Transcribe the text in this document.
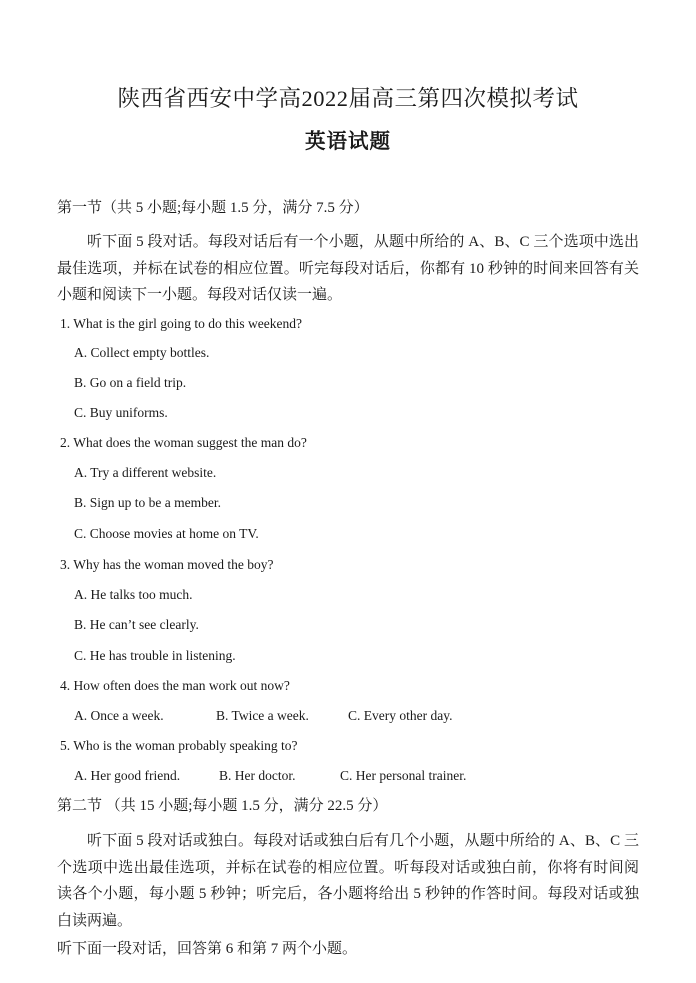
陕西省西安中学高2022届高三第四次模拟考试
英语试题
第一节（共 5 小题;每小题 1.5 分，满分 7.5 分）
听下面 5 段对话。每段对话后有一个小题，从题中所给的 A、B、C 三个选项中选出最佳选项，并标在试卷的相应位置。听完每段对话后，你都有 10 秒钟的时间来回答有关小题和阅读下一小题。每段对话仅读一遍。
1. What is the girl going to do this weekend?
A. Collect empty bottles.
B. Go on a field trip.
C. Buy uniforms.
2. What does the woman suggest the man do?
A. Try a different website.
B. Sign up to be a member.
C. Choose movies at home on TV.
3. Why has the woman moved the boy?
A. He talks too much.
B. He can’t see clearly.
C. He has trouble in listening.
4. How often does the man work out now?
A. Once a week.	B. Twice a week.	C. Every other day.
5. Who is the woman probably speaking to?
A. Her good friend.	B. Her doctor.	C. Her personal trainer.
第二节 （共 15 小题;每小题 1.5 分，满分 22.5 分）
听下面 5 段对话或独白。每段对话或独白后有几个小题，从题中所给的 A、B、C 三个选项中选出最佳选项，并标在试卷的相应位置。听每段对话或独白前，你将有时间阅读各个小题，每小题 5 秒钟；听完后，各小题将给出 5 秒钟的作答时间。每段对话或独白读两遍。
听下面一段对话，回答第 6 和第 7 两个小题。
